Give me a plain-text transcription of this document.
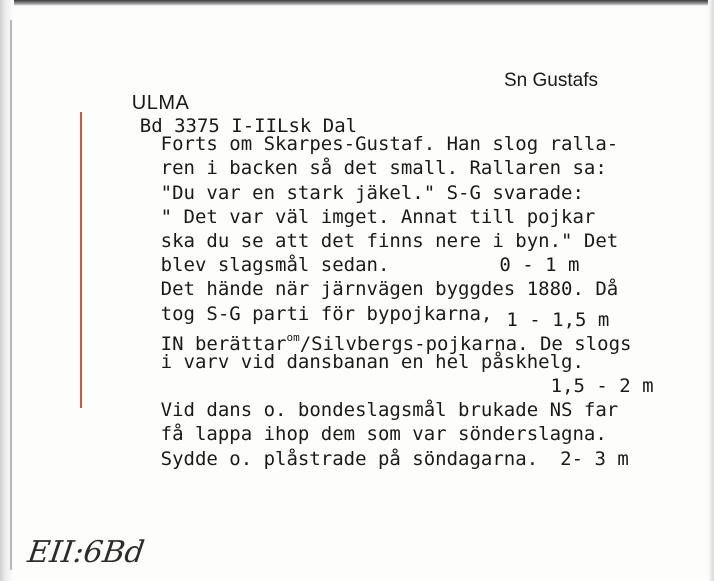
ULMA
Bd 3375 I-IILsk Dal

Sn Gustafs

Forts om Skarpes-Gustaf. Han slog ralla-

ren i backen så det small. Rallaren sa:

"Du var en stark jäkel." S-G svarade:

" Det var väl imget. Annat till pojkar

ska du se att det finns nere i byn." Det

blev slagsmål sedan.	0 - 1 m

Det hände när järnvägen byggdes 1880. Då

tog S-G parti för bypojkarna, 1 - 1,5 m

IN berättar$^{om}$/Silvbergs-pojkarna. De slogs

i varv vid dansbanan en hel påskhelg.

1,5 - 2 m

Vid dans o. bondeslagsmål brukade NS far

få lappa ihop dem som var sönderslagna.

Sydde o. plåstrade på söndagarna. 2- 3 m

EII:6Bd
